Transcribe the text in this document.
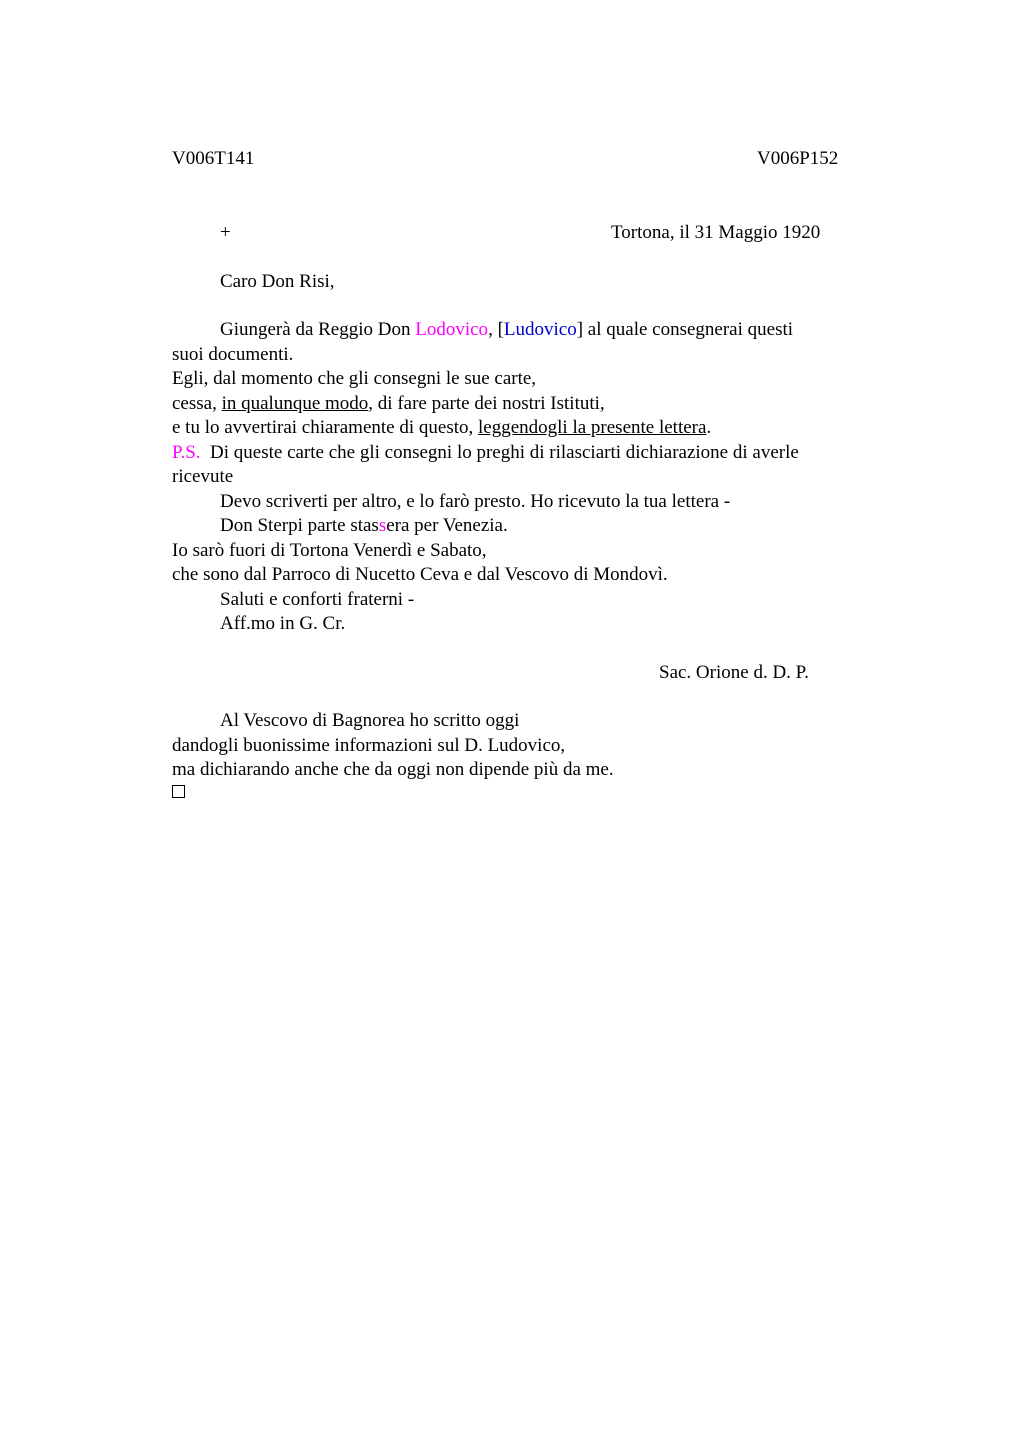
V006T141	V006P152
+	Tortona, il 31 Maggio 1920
Caro Don Risi,
Giungerà da Reggio Don Lodovico, [Ludovico] al quale consegnerai questi
suoi documenti.
Egli, dal momento che gli consegni le sue carte,
cessa, in qualunque modo, di fare parte dei nostri Istituti,
e tu lo avvertirai chiaramente di questo, leggendogli la presente lettera.
P.S. Di queste carte che gli consegni lo preghi di rilasciarti dichiarazione di averle
ricevute
Devo scriverti per altro, e lo farò presto. Ho ricevuto la tua lettera -
Don Sterpi parte stassera per Venezia.
Io sarò fuori di Tortona Venerdì e Sabato,
che sono dal Parroco di Nucetto Ceva e dal Vescovo di Mondovì.
Saluti e conforti fraterni -
Aff.mo in G. Cr.
Sac. Orione d. D. P.
Al Vescovo di Bagnorea ho scritto oggi
dandogli buonissime informazioni sul D. Ludovico,
ma dichiarando anche che da oggi non dipende più da me.
